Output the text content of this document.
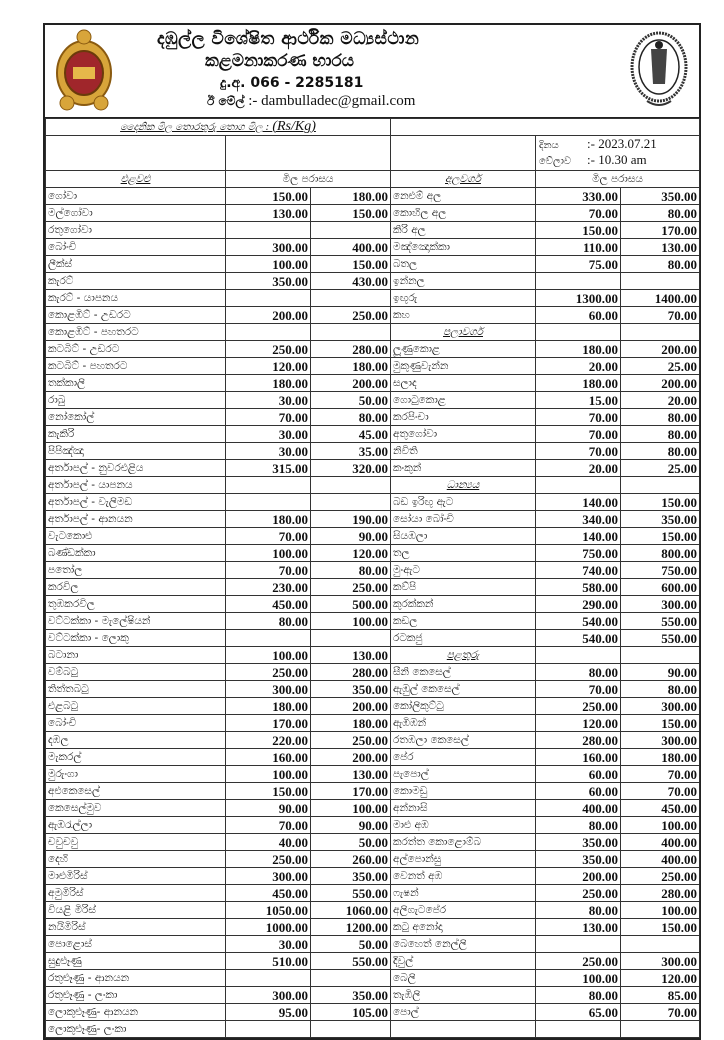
දඹුල්ල විශේෂිත ආර්ථික මධ්‍යස්ථාන
කළමනාකරණ භාරය
දු.අ. 066 - 2285181
ඊ මේල් :- dambulladec@gmail.com
දෛනික මිල තොරතුරු තොග මිල : (Rs/Kg)					

				දිනය :- 2023.07.21
වේලාව :- 10.30 am	

එළවළු	මිල පරාසය		අලවර්ග	මිල පරාසය	
ගෝවා	150.00	180.00	නෙළුම් අල	330.00	350.00
මල්ගෝවා	130.00	150.00	කොහිල අල	70.00	80.00
රතුගෝවා			කිරි අල	150.00	170.00
බෝංචි	300.00	400.00	මඤ්ඤොක්කා	110.00	130.00
ලීක්ස්	100.00	150.00	බතල	75.00	80.00
කැරට්	350.00	430.00	ඉන්නල		
කැරට් - යාපනය			ඉඟුරු	1300.00	1400.00
කොළඹිට් - උඩරට	200.00	250.00	කහ	60.00	70.00
කොළඹිට් - පහතරට			පලාවර්ග		
කටබිට් - උඩරට	250.00	280.00	ලූණුකොළ	180.00	200.00
කටබිට් - පහතරට	120.00	180.00	මුකුණුවැන්න	20.00	25.00
තක්කාලි	180.00	200.00	සලාද	180.00	200.00
රාබු	30.00	50.00	ගොටුකොළ	15.00	20.00
නෝකෝල්	70.00	80.00	කරපිංචා	70.00	80.00
කැකිරි	30.00	45.00	අතුගෝවා	70.00	80.00
පිපිඤ්ඤා	30.00	35.00	නිවිති	70.00	80.00
අර්තාපල් - නුවරඑළිය	315.00	320.00	කංකුන්	20.00	25.00
අර්තාපල් - යාපනය			ධාන්‍යය		
අර්තාපල් - වැලිමඩ			බඩ ඉරිඟු ඇට	140.00	150.00
අර්තාපල් - ආනයන	180.00	190.00	සෝයා බෝංචි	340.00	350.00
වැටකොළු	70.00	90.00	සියඹලා	140.00	150.00
බණ්ඩක්කා	100.00	120.00	තල	750.00	800.00
පතෝල	70.00	80.00	මුංඇට	740.00	750.00
කරවිල	230.00	250.00	කව්පි	580.00	600.00
තුඹකරවිල	450.00	500.00	කුරක්කන්	290.00	300.00
වට්ටක්කා - මැලේෂියන්	80.00	100.00	කඩල	540.00	550.00
වට්ටක්කා - ලොකු			රටකජු	540.00	550.00
බටානා	100.00	130.00	පළතුරු		
වම්බටු	250.00	280.00	සීනි කෙසෙල්	80.00	90.00
තිත්තබටු	300.00	350.00	ඇඹුල් කෙසෙල්	70.00	80.00
එළබටු	180.00	200.00	කෝලිකුට්ටු	250.00	300.00
බෝංචි	170.00	180.00	ඇඹිඹන්	120.00	150.00
දඹල	220.00	250.00	රතඹලා කෙසෙල්	280.00	300.00
මැකරල්	160.00	200.00	පේර	160.00	180.00
මුරුංගා	100.00	130.00	පැපොල්	60.00	70.00
අළුකෙසෙල්	150.00	170.00	කොමඩු	60.00	70.00
කෙසෙල්මුව	90.00	100.00	අන්නාසි	400.00	450.00
ඇඹරැල්ලා	70.00	90.00	මාළු අඹ	80.00	100.00
චවුචවු	40.00	50.00	කරත්ත කොළොම්බ	350.00	400.00
දෙහි	250.00	260.00	අල්පොන්සු	350.00	400.00
මාළුමිරිස්	300.00	350.00	වෙනත් අඹ	200.00	250.00
අමුමිරිස්	450.00	550.00	ෆැෂන්	250.00	280.00
වියළි මිරිස්	1050.00	1060.00	අලිගැටපේර	80.00	100.00
නයිමිරිස්	1000.00	1200.00	කටු අනෝදා	130.00	150.00
පොළොස්	30.00	50.00	බෙහෙත් නෙල්ලි		
සුදුළූණු	510.00	550.00	දිවුල්	250.00	300.00
රතුළූණු - ආනයන			බෙලි	100.00	120.00
රතුළූණු - ලංකා	300.00	350.00	තැඹිලි	80.00	85.00
ලොකුළූණු- ආනයන	95.00	105.00	පොල්	65.00	70.00
ලොකුළූණු- ලංකා					
